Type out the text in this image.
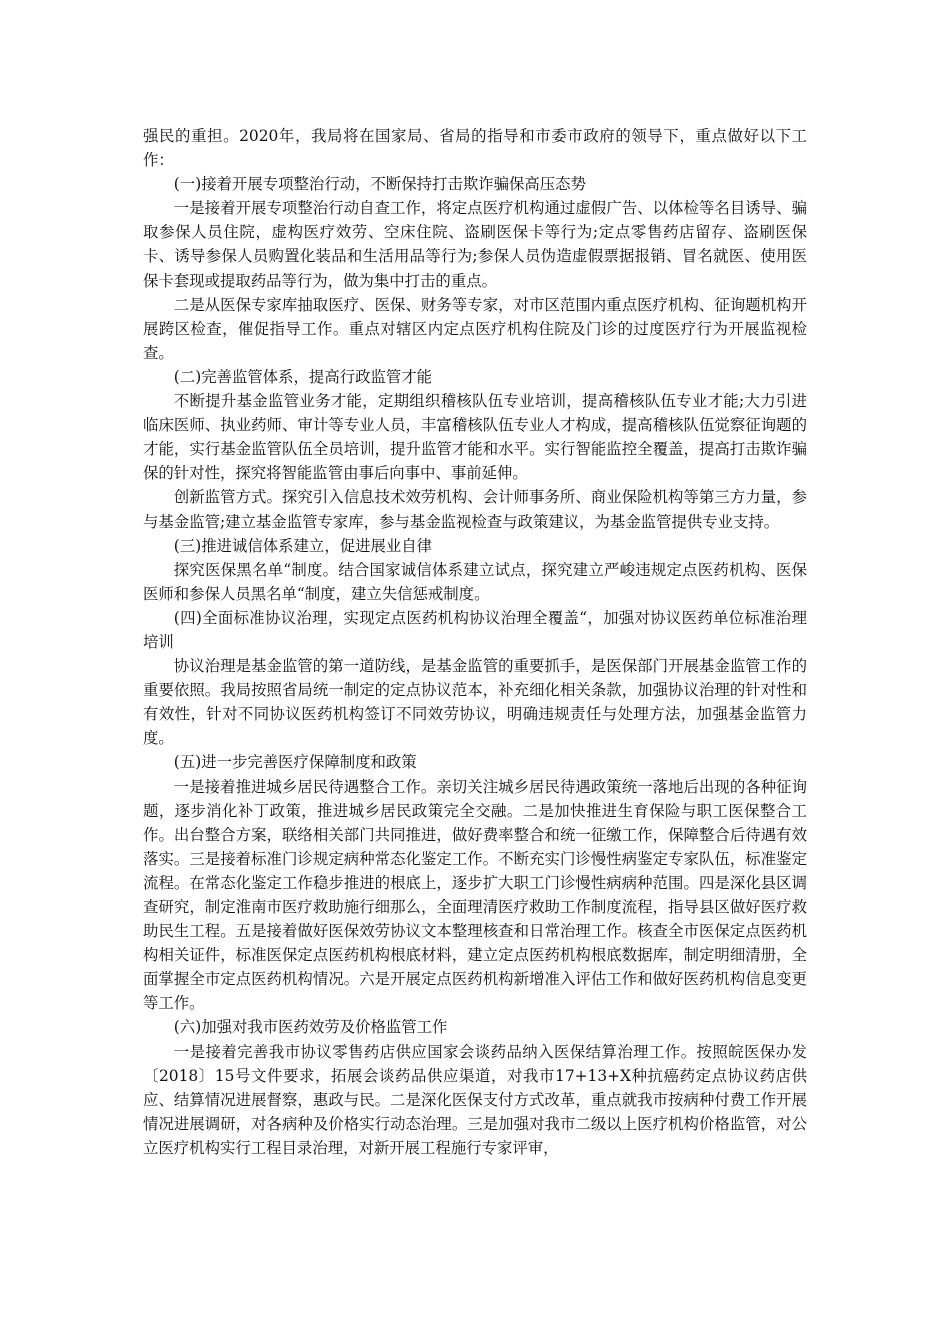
强民的重担。2020年，我局将在国家局、省局的指导和市委市政府的领导下，重点做好以下工作：

(一)接着开展专项整治行动，不断保持打击欺诈骗保高压态势

一是接着开展专项整治行动自查工作，将定点医疗机构通过虚假广告、以体检等名目诱导、骗取参保人员住院，虚构医疗效劳、空床住院、盗刷医保卡等行为;定点零售药店留存、盗刷医保卡、诱导参保人员购置化装品和生活用品等行为;参保人员伪造虚假票据报销、冒名就医、使用医保卡套现或提取药品等行为，做为集中打击的重点。

二是从医保专家库抽取医疗、医保、财务等专家，对市区范围内重点医疗机构、征询题机构开展跨区检查，催促指导工作。重点对辖区内定点医疗机构住院及门诊的过度医疗行为开展监视检查。

(二)完善监管体系，提高行政监管才能

不断提升基金监管业务才能，定期组织稽核队伍专业培训，提高稽核队伍专业才能;大力引进临床医师、执业药师、审计等专业人员，丰富稽核队伍专业人才构成，提高稽核队伍觉察征询题的才能，实行基金监管队伍全员培训，提升监管才能和水平。实行智能监控全覆盖，提高打击欺诈骗保的针对性，探究将智能监管由事后向事中、事前延伸。

创新监管方式。探究引入信息技术效劳机构、会计师事务所、商业保险机构等第三方力量，参与基金监管;建立基金监管专家库，参与基金监视检查与政策建议，为基金监管提供专业支持。

(三)推进诚信体系建立，促进展业自律

探究医保黑名单“制度。结合国家诚信体系建立试点，探究建立严峻违规定点医药机构、医保医师和参保人员黑名单“制度，建立失信惩戒制度。

(四)全面标准协议治理，实现定点医药机构协议治理全覆盖“，加强对协议医药单位标准治理培训

协议治理是基金监管的第一道防线，是基金监管的重要抓手，是医保部门开展基金监管工作的重要依照。我局按照省局统一制定的定点协议范本，补充细化相关条款，加强协议治理的针对性和有效性，针对不同协议医药机构签订不同效劳协议，明确违规责任与处理方法，加强基金监管力度。

(五)进一步完善医疗保障制度和政策

一是接着推进城乡居民待遇整合工作。亲切关注城乡居民待遇政策统一落地后出现的各种征询题，逐步消化补丁政策，推进城乡居民政策完全交融。二是加快推进生育保险与职工医保整合工作。出台整合方案，联络相关部门共同推进，做好费率整合和统一征缴工作，保障整合后待遇有效落实。三是接着标准门诊规定病种常态化鉴定工作。不断充实门诊慢性病鉴定专家队伍，标准鉴定流程。在常态化鉴定工作稳步推进的根底上，逐步扩大职工门诊慢性病病种范围。四是深化县区调查研究，制定淮南市医疗救助施行细那么，全面理清医疗救助工作制度流程，指导县区做好医疗救助民生工程。五是接着做好医保效劳协议文本整理核查和日常治理工作。核查全市医保定点医药机构相关证件，标准医保定点医药机构根底材料，建立定点医药机构根底数据库，制定明细清册，全面掌握全市定点医药机构情况。六是开展定点医药机构新增准入评估工作和做好医药机构信息变更等工作。

(六)加强对我市医药效劳及价格监管工作

一是接着完善我市协议零售药店供应国家会谈药品纳入医保结算治理工作。按照皖医保办发〔2018〕15号文件要求，拓展会谈药品供应渠道，对我市17+13+X种抗癌药定点协议药店供应、结算情况进展督察，惠政与民。二是深化医保支付方式改革，重点就我市按病种付费工作开展情况进展调研，对各病种及价格实行动态治理。三是加强对我市二级以上医疗机构价格监管，对公立医疗机构实行工程目录治理，对新开展工程施行专家评审，
